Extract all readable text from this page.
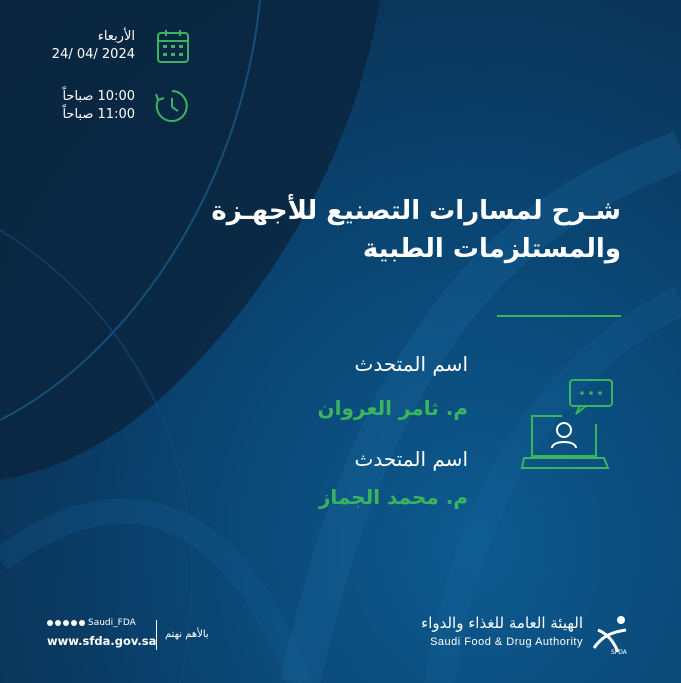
الأربعاء
24/ 04/ 2024
10:00 صباحاً
11:00 صباحاً
شـرح لمسارات التصنيع للأجهـزة
والمستلزمات الطبية
اسم المتحدث
م. ثامر العروان
اسم المتحدث
م. محمد الجماز
Saudi_FDA
www.sfda.gov.sa بالأهم نهتم
الهيئة العامة للغذاء والدواء
Saudi Food & Drug Authority
SFDA
